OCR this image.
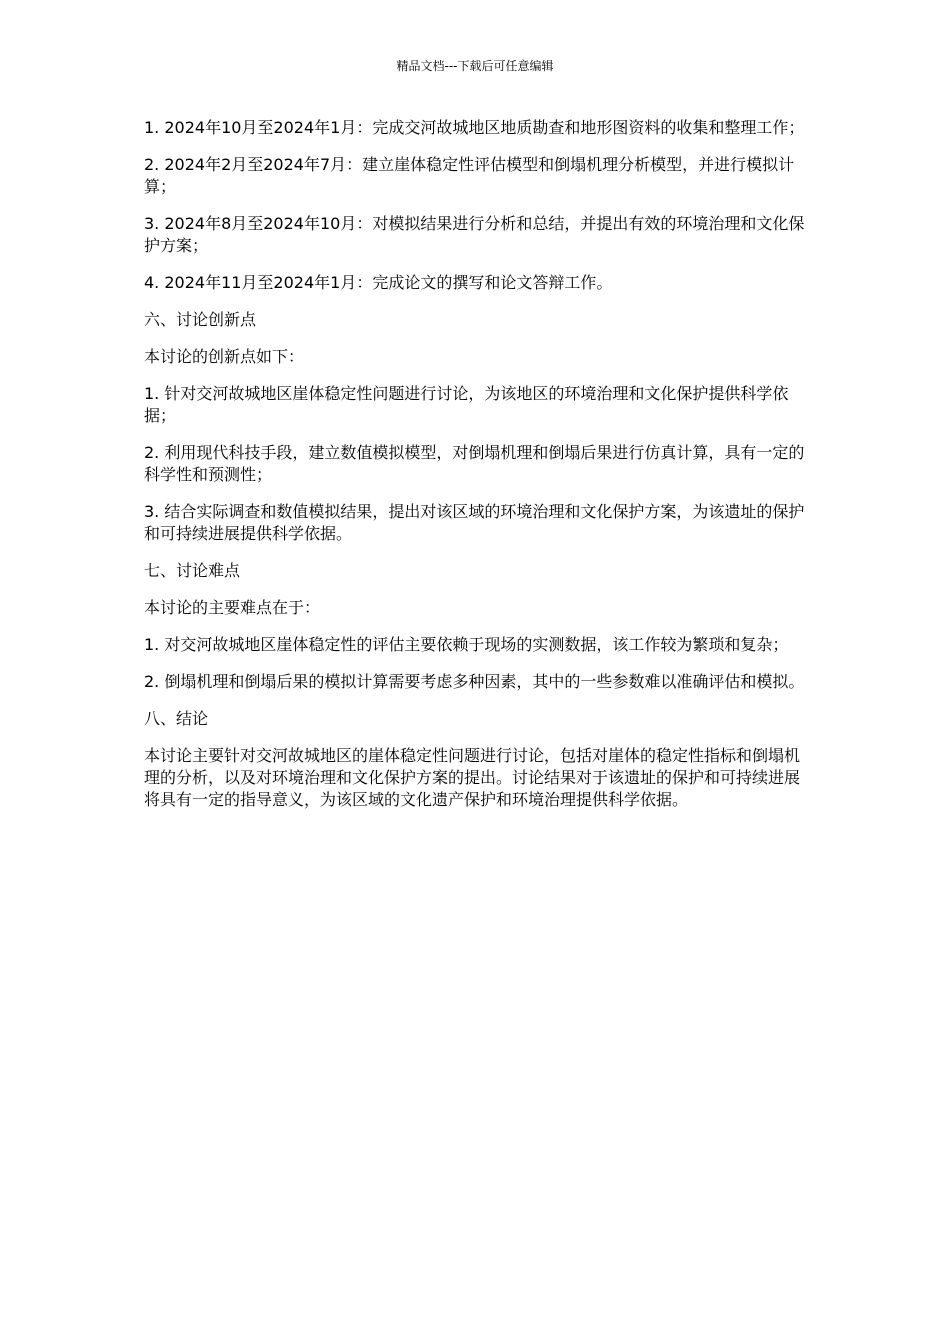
精品文档---下载后可任意编辑

1. 2024年10月至2024年1月：完成交河故城地区地质勘查和地形图资料的收集和整理工作；

2. 2024年2月至2024年7月：建立崖体稳定性评估模型和倒塌机理分析模型，并进行模拟计算；

3. 2024年8月至2024年10月：对模拟结果进行分析和总结，并提出有效的环境治理和文化保护方案；

4. 2024年11月至2024年1月：完成论文的撰写和论文答辩工作。

六、讨论创新点

本讨论的创新点如下：

1. 针对交河故城地区崖体稳定性问题进行讨论，为该地区的环境治理和文化保护提供科学依据；

2. 利用现代科技手段，建立数值模拟模型，对倒塌机理和倒塌后果进行仿真计算，具有一定的科学性和预测性；

3. 结合实际调查和数值模拟结果，提出对该区域的环境治理和文化保护方案，为该遗址的保护和可持续进展提供科学依据。

七、讨论难点

本讨论的主要难点在于：

1. 对交河故城地区崖体稳定性的评估主要依赖于现场的实测数据，该工作较为繁琐和复杂；

2. 倒塌机理和倒塌后果的模拟计算需要考虑多种因素，其中的一些参数难以准确评估和模拟。

八、结论

本讨论主要针对交河故城地区的崖体稳定性问题进行讨论，包括对崖体的稳定性指标和倒塌机理的分析，以及对环境治理和文化保护方案的提出。讨论结果对于该遗址的保护和可持续进展将具有一定的指导意义，为该区域的文化遗产保护和环境治理提供科学依据。
